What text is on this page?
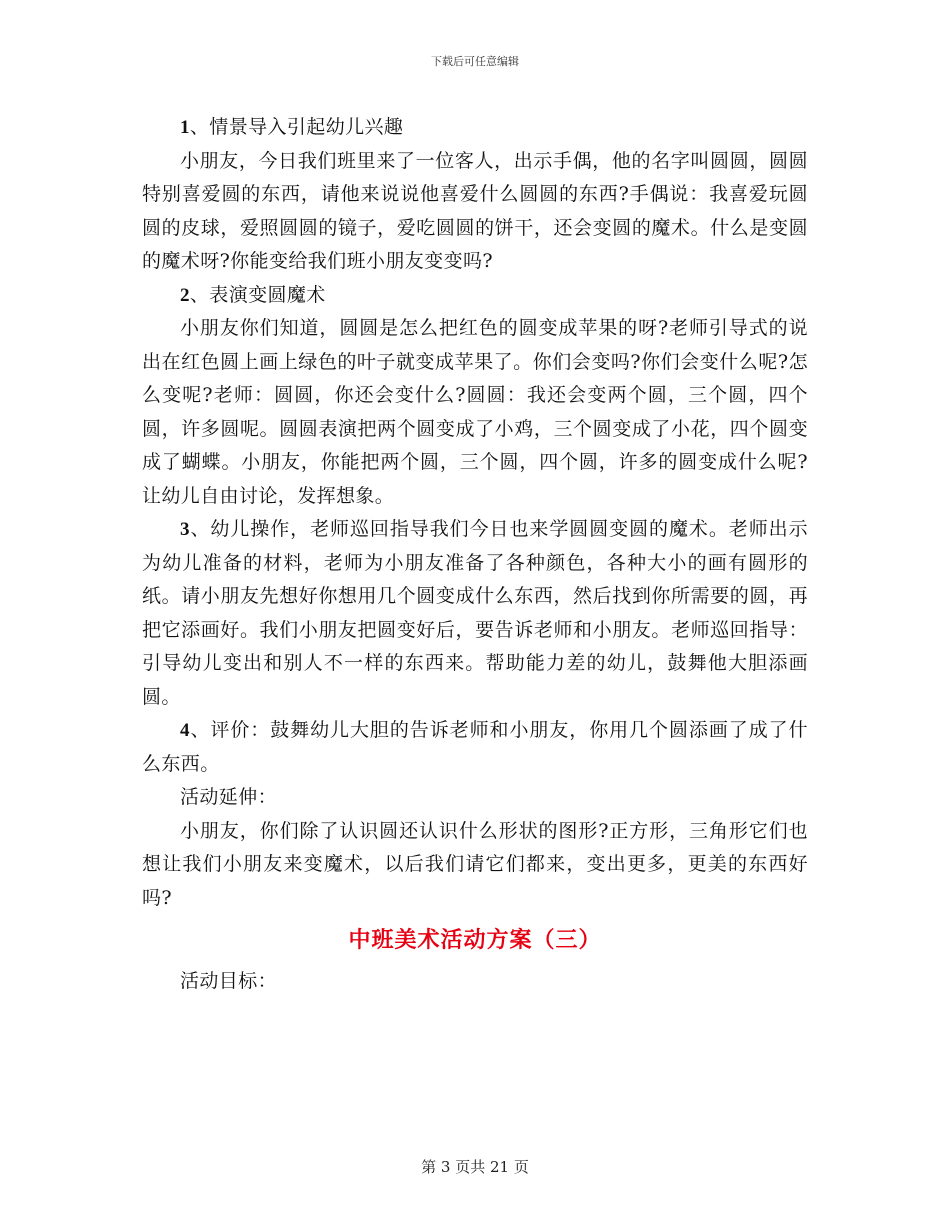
下载后可任意编辑

1、情景导入引起幼儿兴趣

小朋友，今日我们班里来了一位客人，出示手偶，他的名字叫圆圆，圆圆特别喜爱圆的东西，请他来说说他喜爱什么圆圆的东西?手偶说：我喜爱玩圆圆的皮球，爱照圆圆的镜子，爱吃圆圆的饼干，还会变圆的魔术。什么是变圆的魔术呀?你能变给我们班小朋友变变吗?

2、表演变圆魔术

小朋友你们知道，圆圆是怎么把红色的圆变成苹果的呀?老师引导式的说出在红色圆上画上绿色的叶子就变成苹果了。你们会变吗?你们会变什么呢?怎么变呢?老师：圆圆，你还会变什么?圆圆：我还会变两个圆，三个圆，四个圆，许多圆呢。圆圆表演把两个圆变成了小鸡，三个圆变成了小花，四个圆变成了蝴蝶。小朋友，你能把两个圆，三个圆，四个圆，许多的圆变成什么呢?让幼儿自由讨论，发挥想象。

3、幼儿操作，老师巡回指导我们今日也来学圆圆变圆的魔术。老师出示为幼儿准备的材料，老师为小朋友准备了各种颜色，各种大小的画有圆形的纸。请小朋友先想好你想用几个圆变成什么东西，然后找到你所需要的圆，再把它添画好。我们小朋友把圆变好后，要告诉老师和小朋友。老师巡回指导：引导幼儿变出和别人不一样的东西来。帮助能力差的幼儿，鼓舞他大胆添画圆。

4、评价：鼓舞幼儿大胆的告诉老师和小朋友，你用几个圆添画了成了什么东西。

活动延伸：

小朋友，你们除了认识圆还认识什么形状的图形?正方形，三角形它们也想让我们小朋友来变魔术，以后我们请它们都来，变出更多，更美的东西好吗?

中班美术活动方案（三）

活动目标：

第 3 页共 21 页
